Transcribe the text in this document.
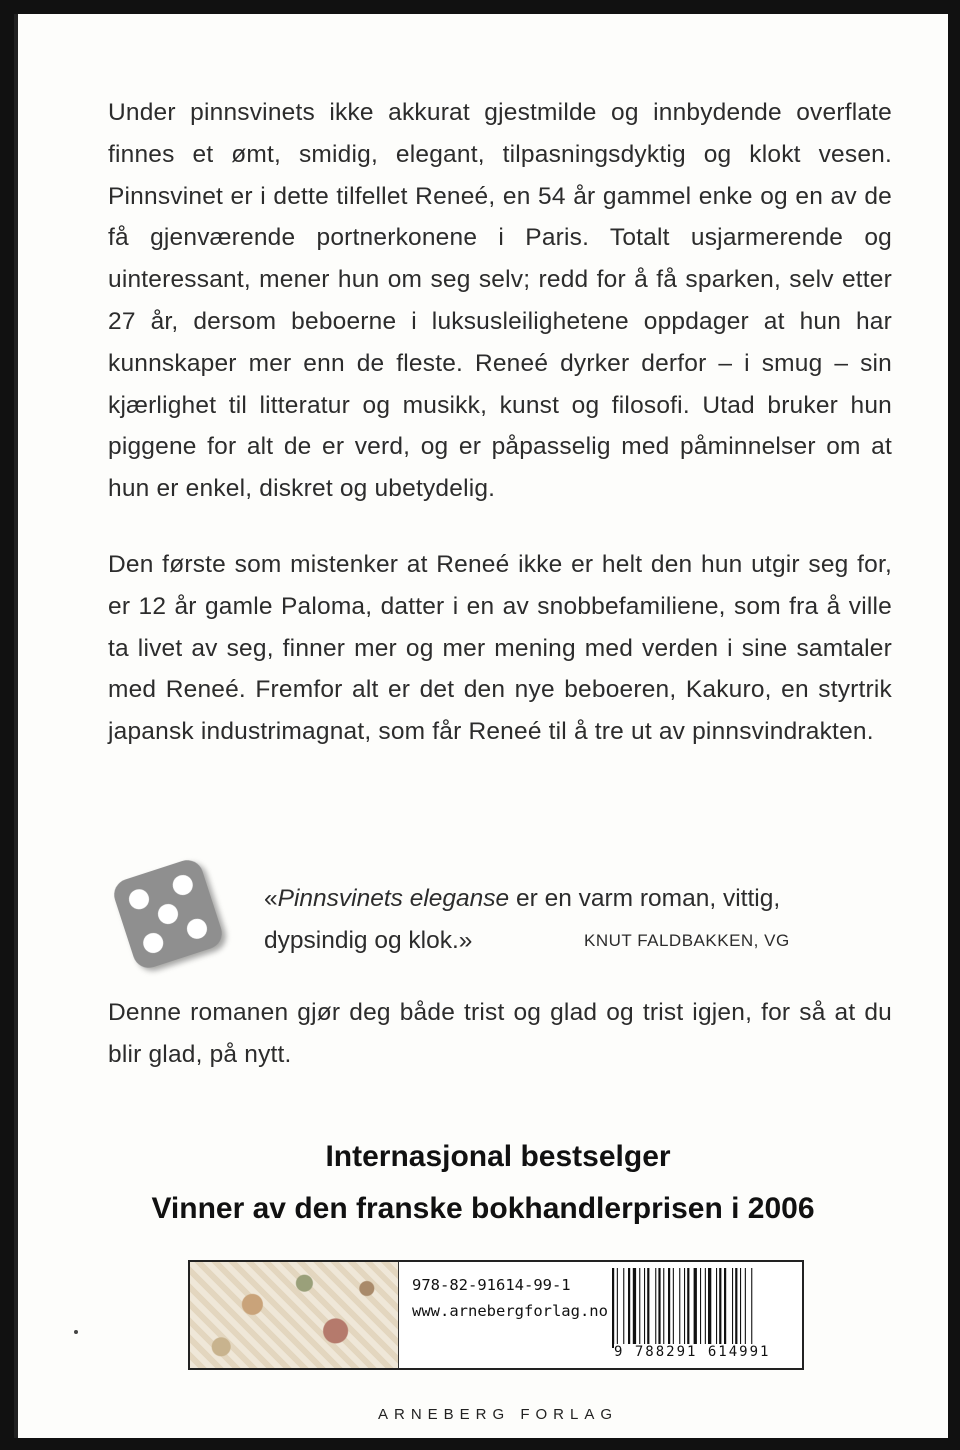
Under pinnsvinets ikke akkurat gjestmilde og innbydende overflate finnes et ømt, smidig, elegant, tilpasningsdyktig og klokt vesen. Pinnsvinet er i dette tilfellet Reneé, en 54 år gammel enke og en av de få gjenværende portnerkonene i Paris. Totalt usjarmerende og uinteressant, mener hun om seg selv; redd for å få sparken, selv etter 27 år, dersom beboerne i luksusleilighetene oppdager at hun har kunnskaper mer enn de fleste. Reneé dyrker derfor – i smug – sin kjærlighet til litteratur og musikk, kunst og filosofi. Utad bruker hun piggene for alt de er verd, og er påpasselig med påminnelser om at hun er enkel, diskret og ubetydelig.

Den første som mistenker at Reneé ikke er helt den hun utgir seg for, er 12 år gamle Paloma, datter i en av snobbefamiliene, som fra å ville ta livet av seg, finner mer og mer mening med verden i sine samtaler med Reneé. Fremfor alt er det den nye beboeren, Kakuro, en styrtrik japansk industrimagnat, som får Reneé til å tre ut av pinnsvindrakten.

«Pinnsvinets eleganse er en varm roman, vittig,
dypsindig og klok.»	KNUT FALDBAKKEN, VG

Denne romanen gjør deg både trist og glad og trist igjen, for så at du blir glad, på nytt.

Internasjonal bestselger
Vinner av den franske bokhandlerprisen i 2006
978-82-91614-99-1
www.arnebergforlag.no
9 788291 614991
ARNEBERG FORLAG
